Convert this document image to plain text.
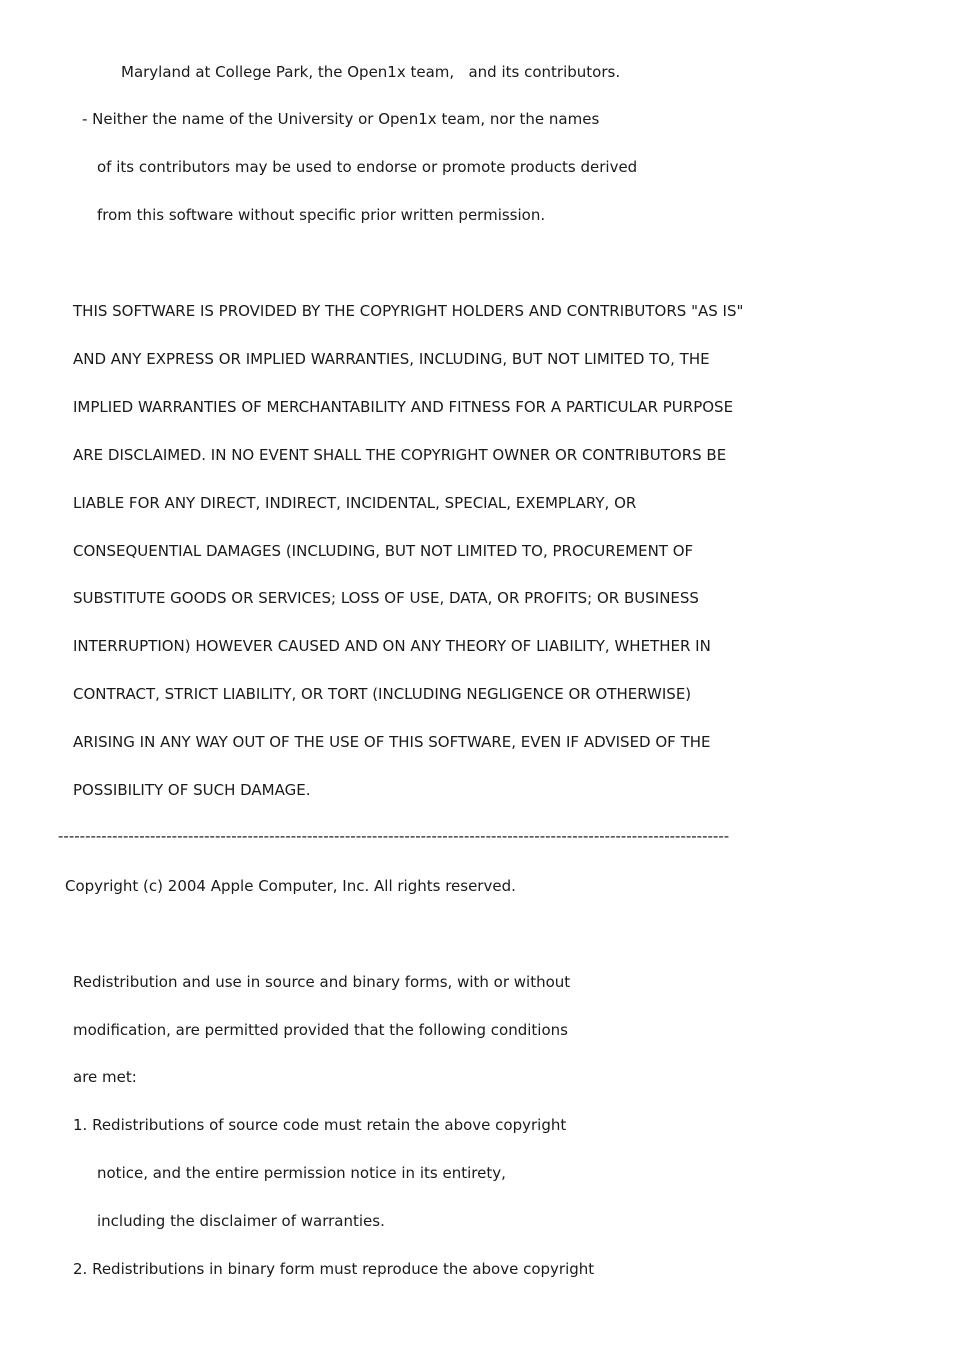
Maryland at College Park, the Open1x team,   and its contributors.

- Neither the name of the University or Open1x team, nor the names

of its contributors may be used to endorse or promote products derived

from this software without specific prior written permission.

THIS SOFTWARE IS PROVIDED BY THE COPYRIGHT HOLDERS AND CONTRIBUTORS "AS IS"

AND ANY EXPRESS OR IMPLIED WARRANTIES, INCLUDING, BUT NOT LIMITED TO, THE

IMPLIED WARRANTIES OF MERCHANTABILITY AND FITNESS FOR A PARTICULAR PURPOSE

ARE DISCLAIMED. IN NO EVENT SHALL THE COPYRIGHT OWNER OR CONTRIBUTORS BE

LIABLE FOR ANY DIRECT, INDIRECT, INCIDENTAL, SPECIAL, EXEMPLARY, OR

CONSEQUENTIAL DAMAGES (INCLUDING, BUT NOT LIMITED TO, PROCUREMENT OF

SUBSTITUTE GOODS OR SERVICES; LOSS OF USE, DATA, OR PROFITS; OR BUSINESS

INTERRUPTION) HOWEVER CAUSED AND ON ANY THEORY OF LIABILITY, WHETHER IN

CONTRACT, STRICT LIABILITY, OR TORT (INCLUDING NEGLIGENCE OR OTHERWISE)

ARISING IN ANY WAY OUT OF THE USE OF THIS SOFTWARE, EVEN IF ADVISED OF THE

POSSIBILITY OF SUCH DAMAGE.

----------------------------------------------------------------------------------------------------------------------------

Copyright (c) 2004 Apple Computer, Inc. All rights reserved.

Redistribution and use in source and binary forms, with or without

modification, are permitted provided that the following conditions

are met:

1. Redistributions of source code must retain the above copyright

notice, and the entire permission notice in its entirety,

including the disclaimer of warranties.

2. Redistributions in binary form must reproduce the above copyright
